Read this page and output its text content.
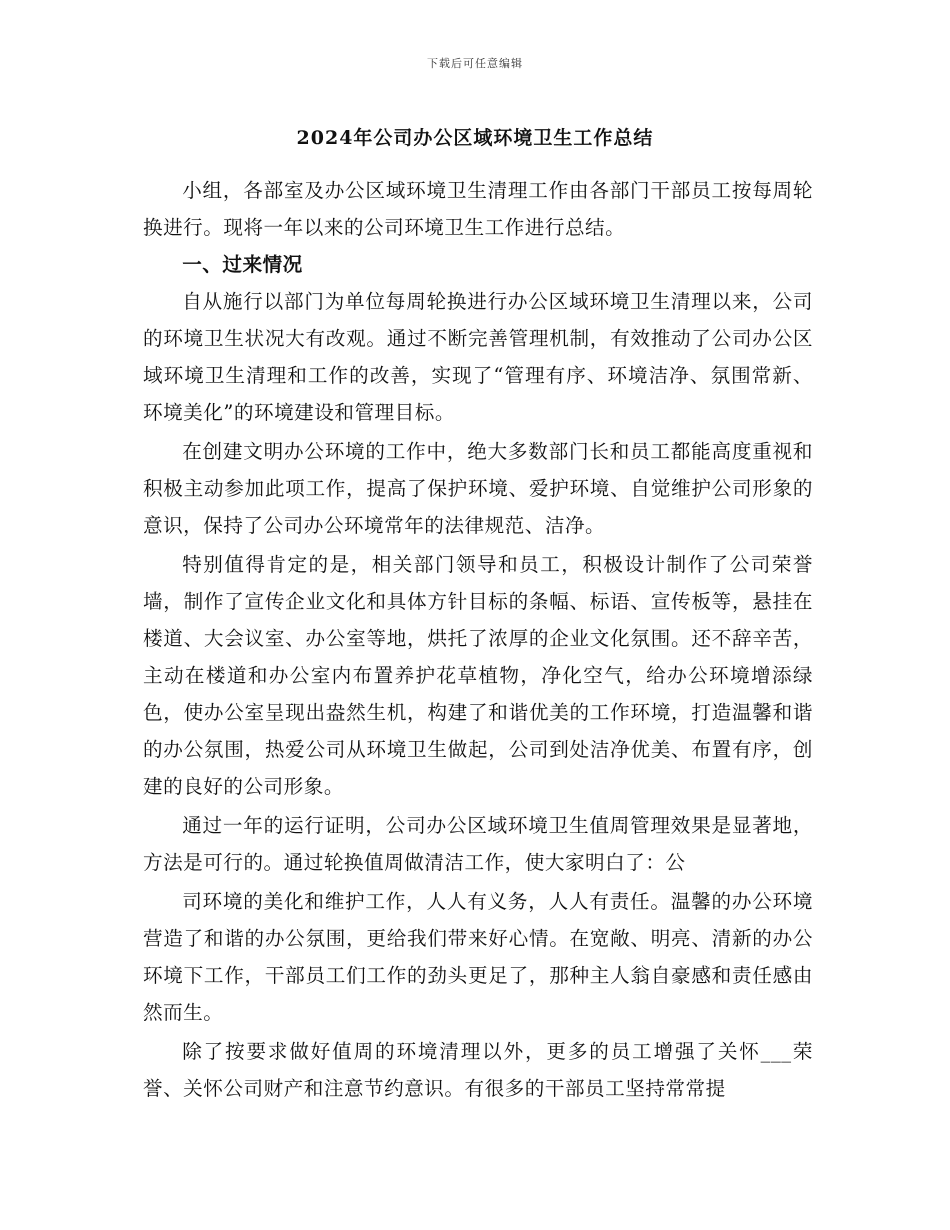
下载后可任意编辑
2024年公司办公区域环境卫生工作总结

小组，各部室及办公区域环境卫生清理工作由各部门干部员工按每周轮换进行。现将一年以来的公司环境卫生工作进行总结。

一、过来情况

自从施行以部门为单位每周轮换进行办公区域环境卫生清理以来，公司的环境卫生状况大有改观。通过不断完善管理机制，有效推动了公司办公区域环境卫生清理和工作的改善，实现了“管理有序、环境洁净、氛围常新、环境美化”的环境建设和管理目标。

在创建文明办公环境的工作中，绝大多数部门长和员工都能高度重视和积极主动参加此项工作，提高了保护环境、爱护环境、自觉维护公司形象的意识，保持了公司办公环境常年的法律规范、洁净。

特别值得肯定的是，相关部门领导和员工，积极设计制作了公司荣誉墙，制作了宣传企业文化和具体方针目标的条幅、标语、宣传板等，悬挂在楼道、大会议室、办公室等地，烘托了浓厚的企业文化氛围。还不辞辛苦，主动在楼道和办公室内布置养护花草植物，净化空气，给办公环境增添绿色，使办公室呈现出盎然生机，构建了和谐优美的工作环境，打造温馨和谐的办公氛围，热爱公司从环境卫生做起，公司到处洁净优美、布置有序，创建的良好的公司形象。

通过一年的运行证明，公司办公区域环境卫生值周管理效果是显著地，方法是可行的。通过轮换值周做清洁工作，使大家明白了：公

司环境的美化和维护工作，人人有义务，人人有责任。温馨的办公环境营造了和谐的办公氛围，更给我们带来好心情。在宽敞、明亮、清新的办公环境下工作，干部员工们工作的劲头更足了，那种主人翁自豪感和责任感由然而生。

除了按要求做好值周的环境清理以外，更多的员工增强了关怀___荣誉、关怀公司财产和注意节约意识。有很多的干部员工坚持常常提
